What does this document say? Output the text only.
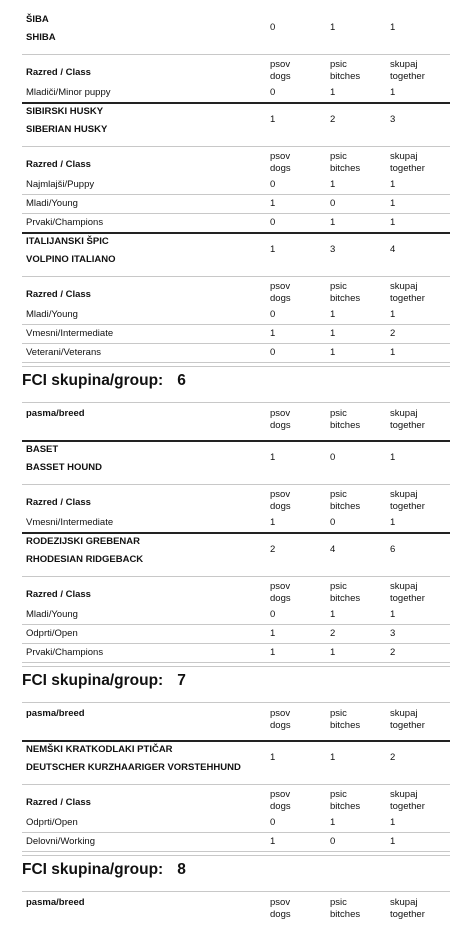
ŠIBA
SHIBA
0	1	1
Razred / Class
psov
dogs
psic
bitches
skupaj
together
Mladiči/Minor puppy	0	1	1
SIBIRSKI HUSKY
SIBERIAN HUSKY
1	2	3
Razred / Class
psov
dogs
psic
bitches
skupaj
together
Najmlajši/Puppy	0	1	1
Mladi/Young	1	0	1
Prvaki/Champions	0	1	1
ITALIJANSKI ŠPIC
VOLPINO ITALIANO
1	3	4
Razred / Class
psov
dogs
psic
bitches
skupaj
together
Mladi/Young	0	1	1
Vmesni/Intermediate	1	1	2
Veterani/Veterans	0	1	1
FCI skupina/group: 6
pasma/breed	psov
dogs
psic
bitches
skupaj
together
BASET
BASSET HOUND
1	0	1
Razred / Class
psov
dogs
psic
bitches
skupaj
together
Vmesni/Intermediate	1	0	1
RODEZIJSKI GREBENAR
RHODESIAN RIDGEBACK
2	4	6
Razred / Class
psov
dogs
psic
bitches
skupaj
together
Mladi/Young	0	1	1
Odprti/Open	1	2	3
Prvaki/Champions	1	1	2
FCI skupina/group: 7
pasma/breed	psov
dogs
psic
bitches
skupaj
together
NEMŠKI KRATKODLAKI PTIČAR
DEUTSCHER KURZHAARIGER VORSTEHHUND
1	1	2
Razred / Class
psov
dogs
psic
bitches
skupaj
together
Odprti/Open	0	1	1
Delovni/Working	1	0	1
FCI skupina/group: 8
pasma/breed	psov
dogs
psic
bitches
skupaj
together
